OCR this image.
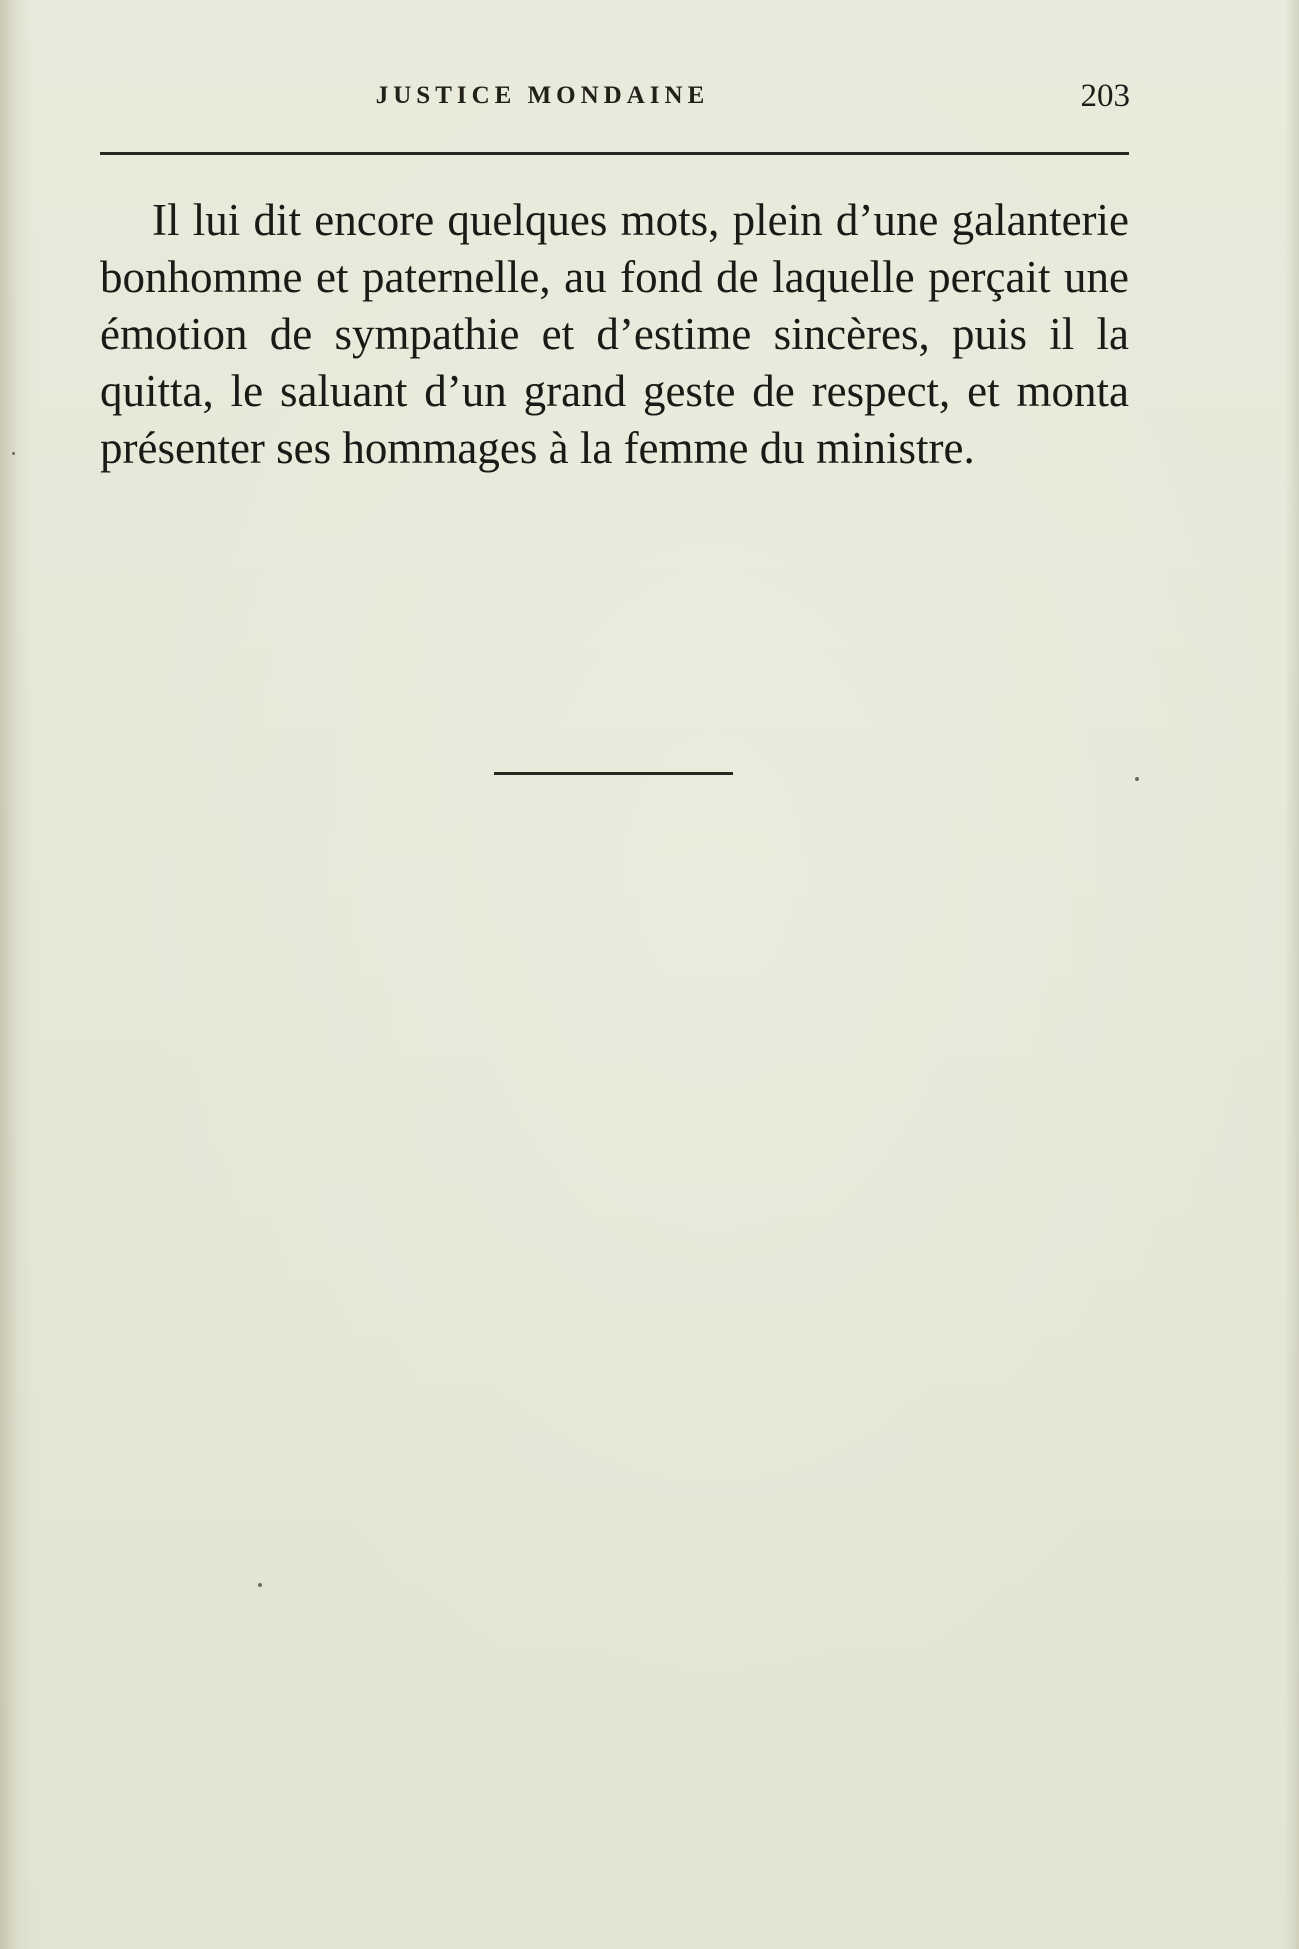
JUSTICE MONDAINE	203

Il lui dit encore quelques mots, plein d’une galanterie bonhomme et paternelle, au fond de laquelle perçait une émotion de sympathie et d’estime sincères, puis il la quitta, le saluant d’un grand geste de respect, et monta présenter ses hommages à la femme du ministre.
